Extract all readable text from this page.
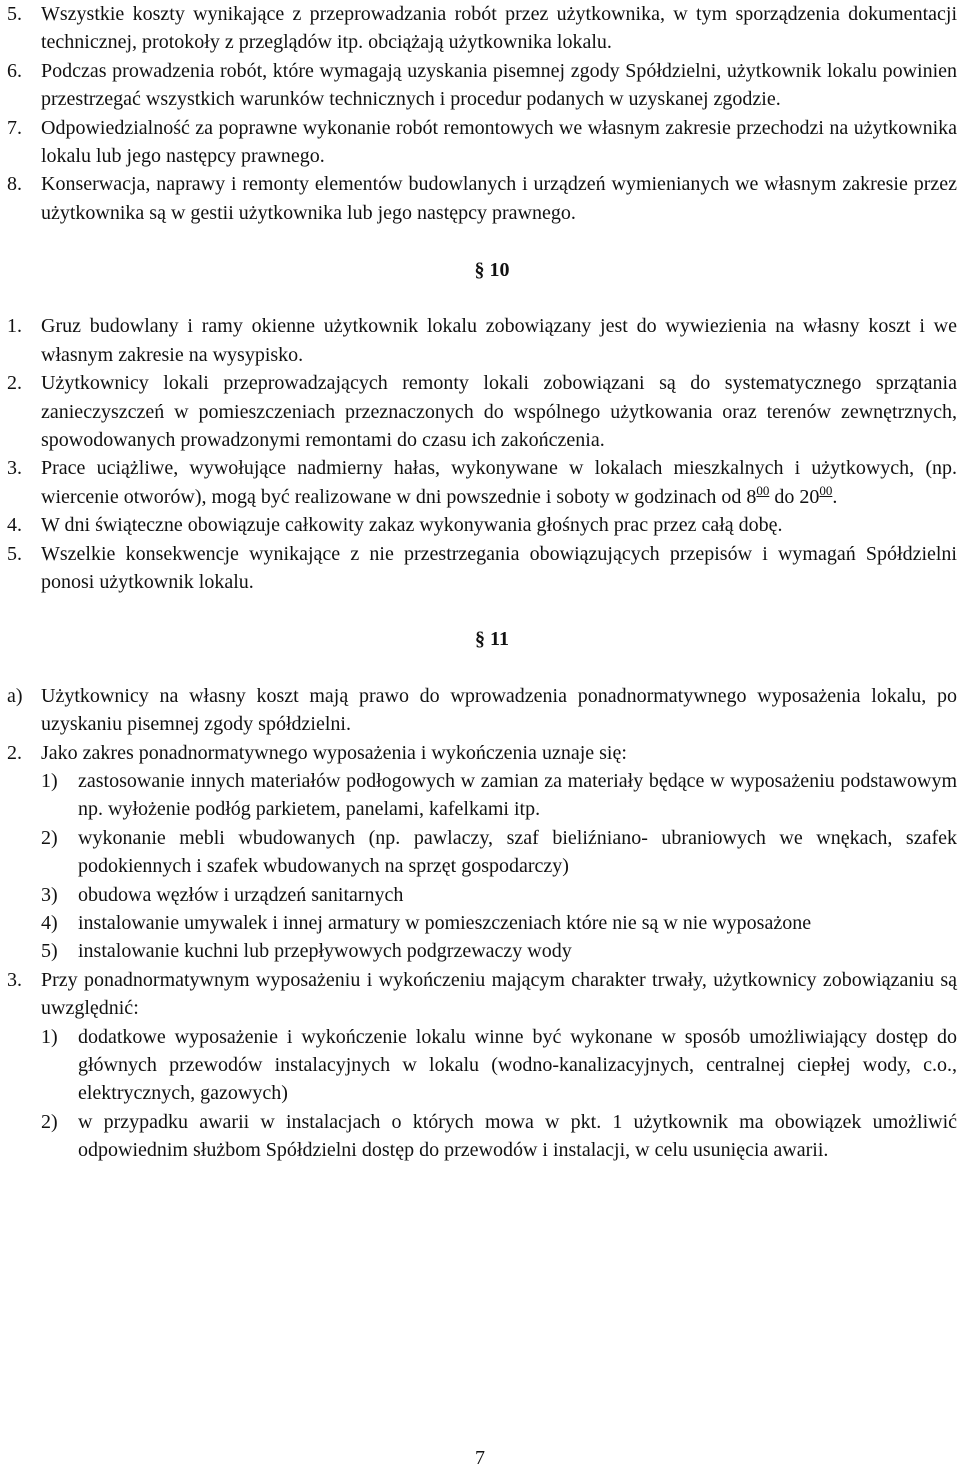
5. Wszystkie koszty wynikające z przeprowadzania robót przez użytkownika, w tym sporządzenia dokumentacji technicznej, protokoły z przeglądów itp. obciążają użytkownika lokalu.
6. Podczas prowadzenia robót, które wymagają uzyskania pisemnej zgody Spółdzielni, użytkownik lokalu powinien przestrzegać wszystkich warunków technicznych i procedur podanych w uzyskanej zgodzie.
7. Odpowiedzialność za poprawne wykonanie robót remontowych we własnym zakresie przechodzi na użytkownika lokalu lub jego następcy prawnego.
8. Konserwacja, naprawy i remonty elementów budowlanych i urządzeń wymienianych we własnym zakresie przez użytkownika są w gestii użytkownika lub jego następcy prawnego.
§ 10
1. Gruz budowlany i ramy okienne użytkownik lokalu zobowiązany jest do wywiezienia na własny koszt i we własnym zakresie na wysypisko.
2. Użytkownicy lokali przeprowadzających remonty lokali zobowiązani są do systematycznego sprzątania zanieczyszczeń w pomieszczeniach przeznaczonych do wspólnego użytkowania oraz terenów zewnętrznych, spowodowanych prowadzonymi remontami do czasu ich zakończenia.
3. Prace uciążliwe, wywołujące nadmierny hałas, wykonywane w lokalach mieszkalnych i użytkowych, (np. wiercenie otworów), mogą być realizowane w dni powszednie i soboty w godzinach od $8^{00}$ do $20^{00}$.
4. W dni świąteczne obowiązuje całkowity zakaz wykonywania głośnych prac przez całą dobę.
5. Wszelkie konsekwencje wynikające z nie przestrzegania obowiązujących przepisów i wymagań Spółdzielni ponosi użytkownik lokalu.
§ 11
a) Użytkownicy na własny koszt mają prawo do wprowadzenia ponadnormatywnego wyposażenia lokalu, po uzyskaniu pisemnej zgody spółdzielni.
2. Jako zakres ponadnormatywnego wyposażenia i wykończenia uznaje się:
1) zastosowanie innych materiałów podłogowych w zamian za materiały będące w wyposażeniu podstawowym np. wyłożenie podłóg parkietem, panelami, kafelkami itp.
2) wykonanie mebli wbudowanych (np. pawlaczy, szaf bieliźniano- ubraniowych we wnękach, szafek podokiennych i szafek wbudowanych na sprzęt gospodarczy)
3) obudowa węzłów i urządzeń sanitarnych
4) instalowanie umywalek i innej armatury w pomieszczeniach które nie są w nie wyposażone
5) instalowanie kuchni lub przepływowych podgrzewaczy wody
3. Przy ponadnormatywnym wyposażeniu i wykończeniu mającym charakter trwały, użytkownicy zobowiązaniu są uwzględnić:
1) dodatkowe wyposażenie i wykończenie lokalu winne być wykonane w sposób umożliwiający dostęp do głównych przewodów instalacyjnych w lokalu (wodno-kanalizacyjnych, centralnej ciepłej wody, c.o., elektrycznych, gazowych)
2) w przypadku awarii w instalacjach o których mowa w pkt. 1 użytkownik ma obowiązek umożliwić odpowiednim służbom Spółdzielni dostęp do przewodów i instalacji, w celu usunięcia awarii.
7
